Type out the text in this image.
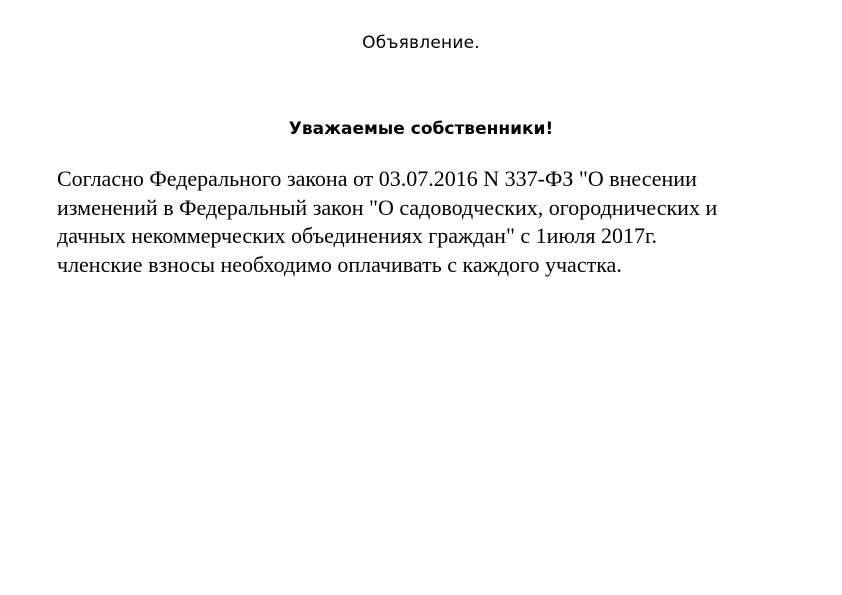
Объявление.
Уважаемые собственники!

Согласно Федерального закона от 03.07.2016 N 337-ФЗ "О внесении
изменений в Федеральный закон "О садоводческих, огороднических и
дачных некоммерческих объединениях граждан" с 1июля 2017г.
членские взносы необходимо оплачивать с каждого участка.
